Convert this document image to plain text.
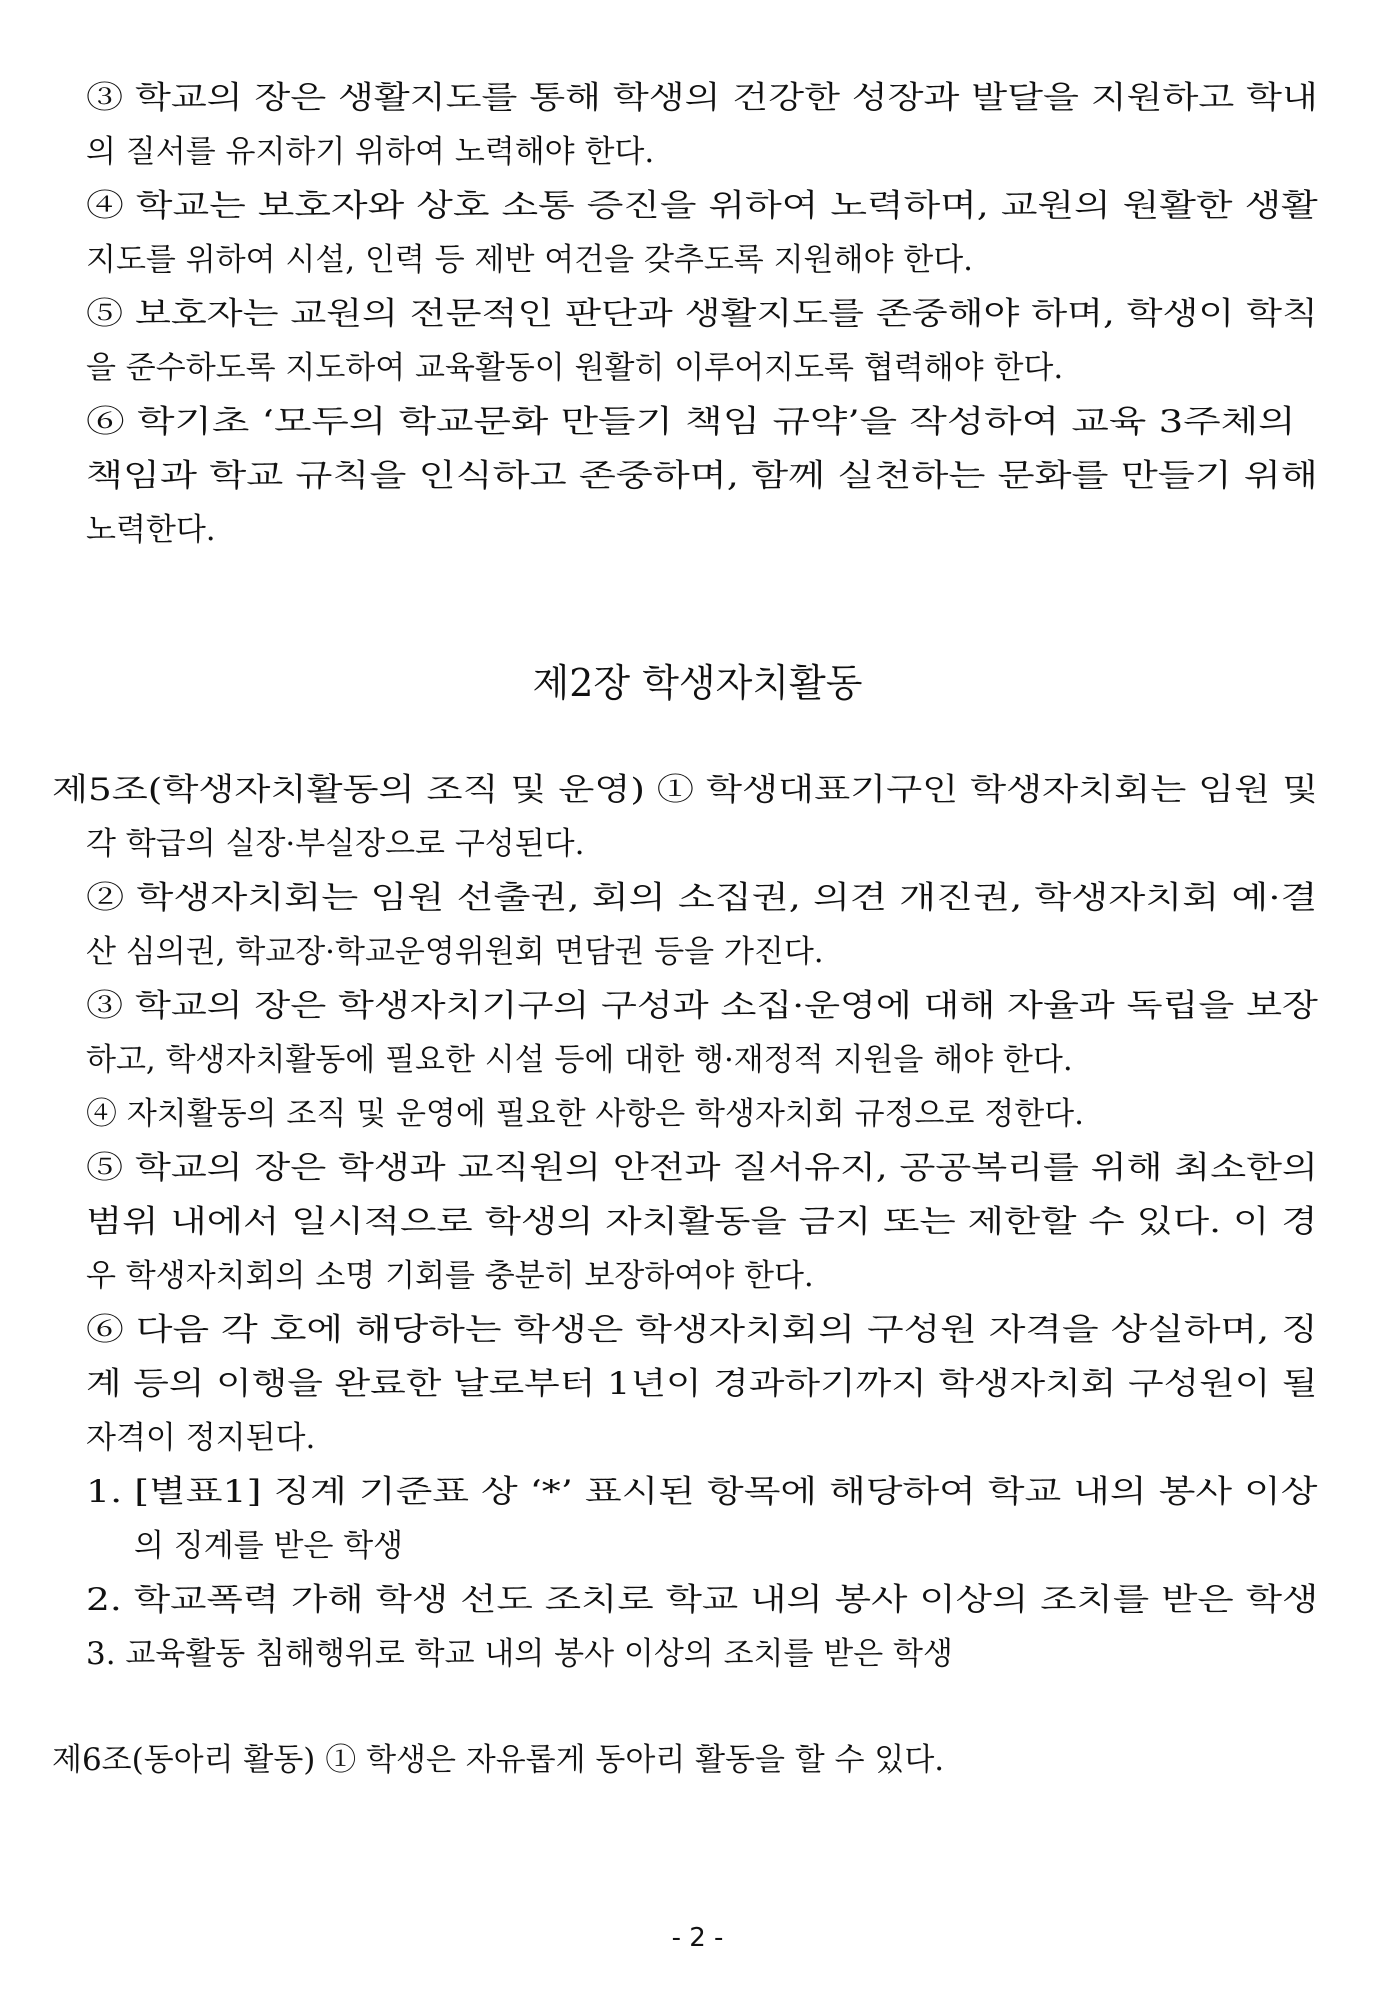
③ 학교의 장은 생활지도를 통해 학생의 건강한 성장과 발달을 지원하고 학내
의 질서를 유지하기 위하여 노력해야 한다.
④ 학교는 보호자와 상호 소통 증진을 위하여 노력하며, 교원의 원활한 생활
지도를 위하여 시설, 인력 등 제반 여건을 갖추도록 지원해야 한다.
⑤ 보호자는 교원의 전문적인 판단과 생활지도를 존중해야 하며, 학생이 학칙
을 준수하도록 지도하여 교육활동이 원활히 이루어지도록 협력해야 한다.
⑥ 학기초 ‘모두의 학교문화 만들기 책임 규약’을 작성하여 교육 3주체의
책임과 학교 규칙을 인식하고 존중하며, 함께 실천하는 문화를 만들기 위해
노력한다.
제2장 학생자치활동
제5조(학생자치활동의 조직 및 운영) ① 학생대표기구인 학생자치회는 임원 및
각 학급의 실장·부실장으로 구성된다.
② 학생자치회는 임원 선출권, 회의 소집권, 의견 개진권, 학생자치회 예·결
산 심의권, 학교장·학교운영위원회 면담권 등을 가진다.
③ 학교의 장은 학생자치기구의 구성과 소집·운영에 대해 자율과 독립을 보장
하고, 학생자치활동에 필요한 시설 등에 대한 행·재정적 지원을 해야 한다.
④ 자치활동의 조직 및 운영에 필요한 사항은 학생자치회 규정으로 정한다.
⑤ 학교의 장은 학생과 교직원의 안전과 질서유지, 공공복리를 위해 최소한의
범위 내에서 일시적으로 학생의 자치활동을 금지 또는 제한할 수 있다. 이 경
우 학생자치회의 소명 기회를 충분히 보장하여야 한다.
⑥ 다음 각 호에 해당하는 학생은 학생자치회의 구성원 자격을 상실하며, 징
계 등의 이행을 완료한 날로부터 1년이 경과하기까지 학생자치회 구성원이 될
자격이 정지된다.
1. [별표1] 징계 기준표 상 ‘*’ 표시된 항목에 해당하여 학교 내의 봉사 이상
의 징계를 받은 학생
2. 학교폭력 가해 학생 선도 조치로 학교 내의 봉사 이상의 조치를 받은 학생
3. 교육활동 침해행위로 학교 내의 봉사 이상의 조치를 받은 학생
제6조(동아리 활동) ① 학생은 자유롭게 동아리 활동을 할 수 있다.
- 2 -
